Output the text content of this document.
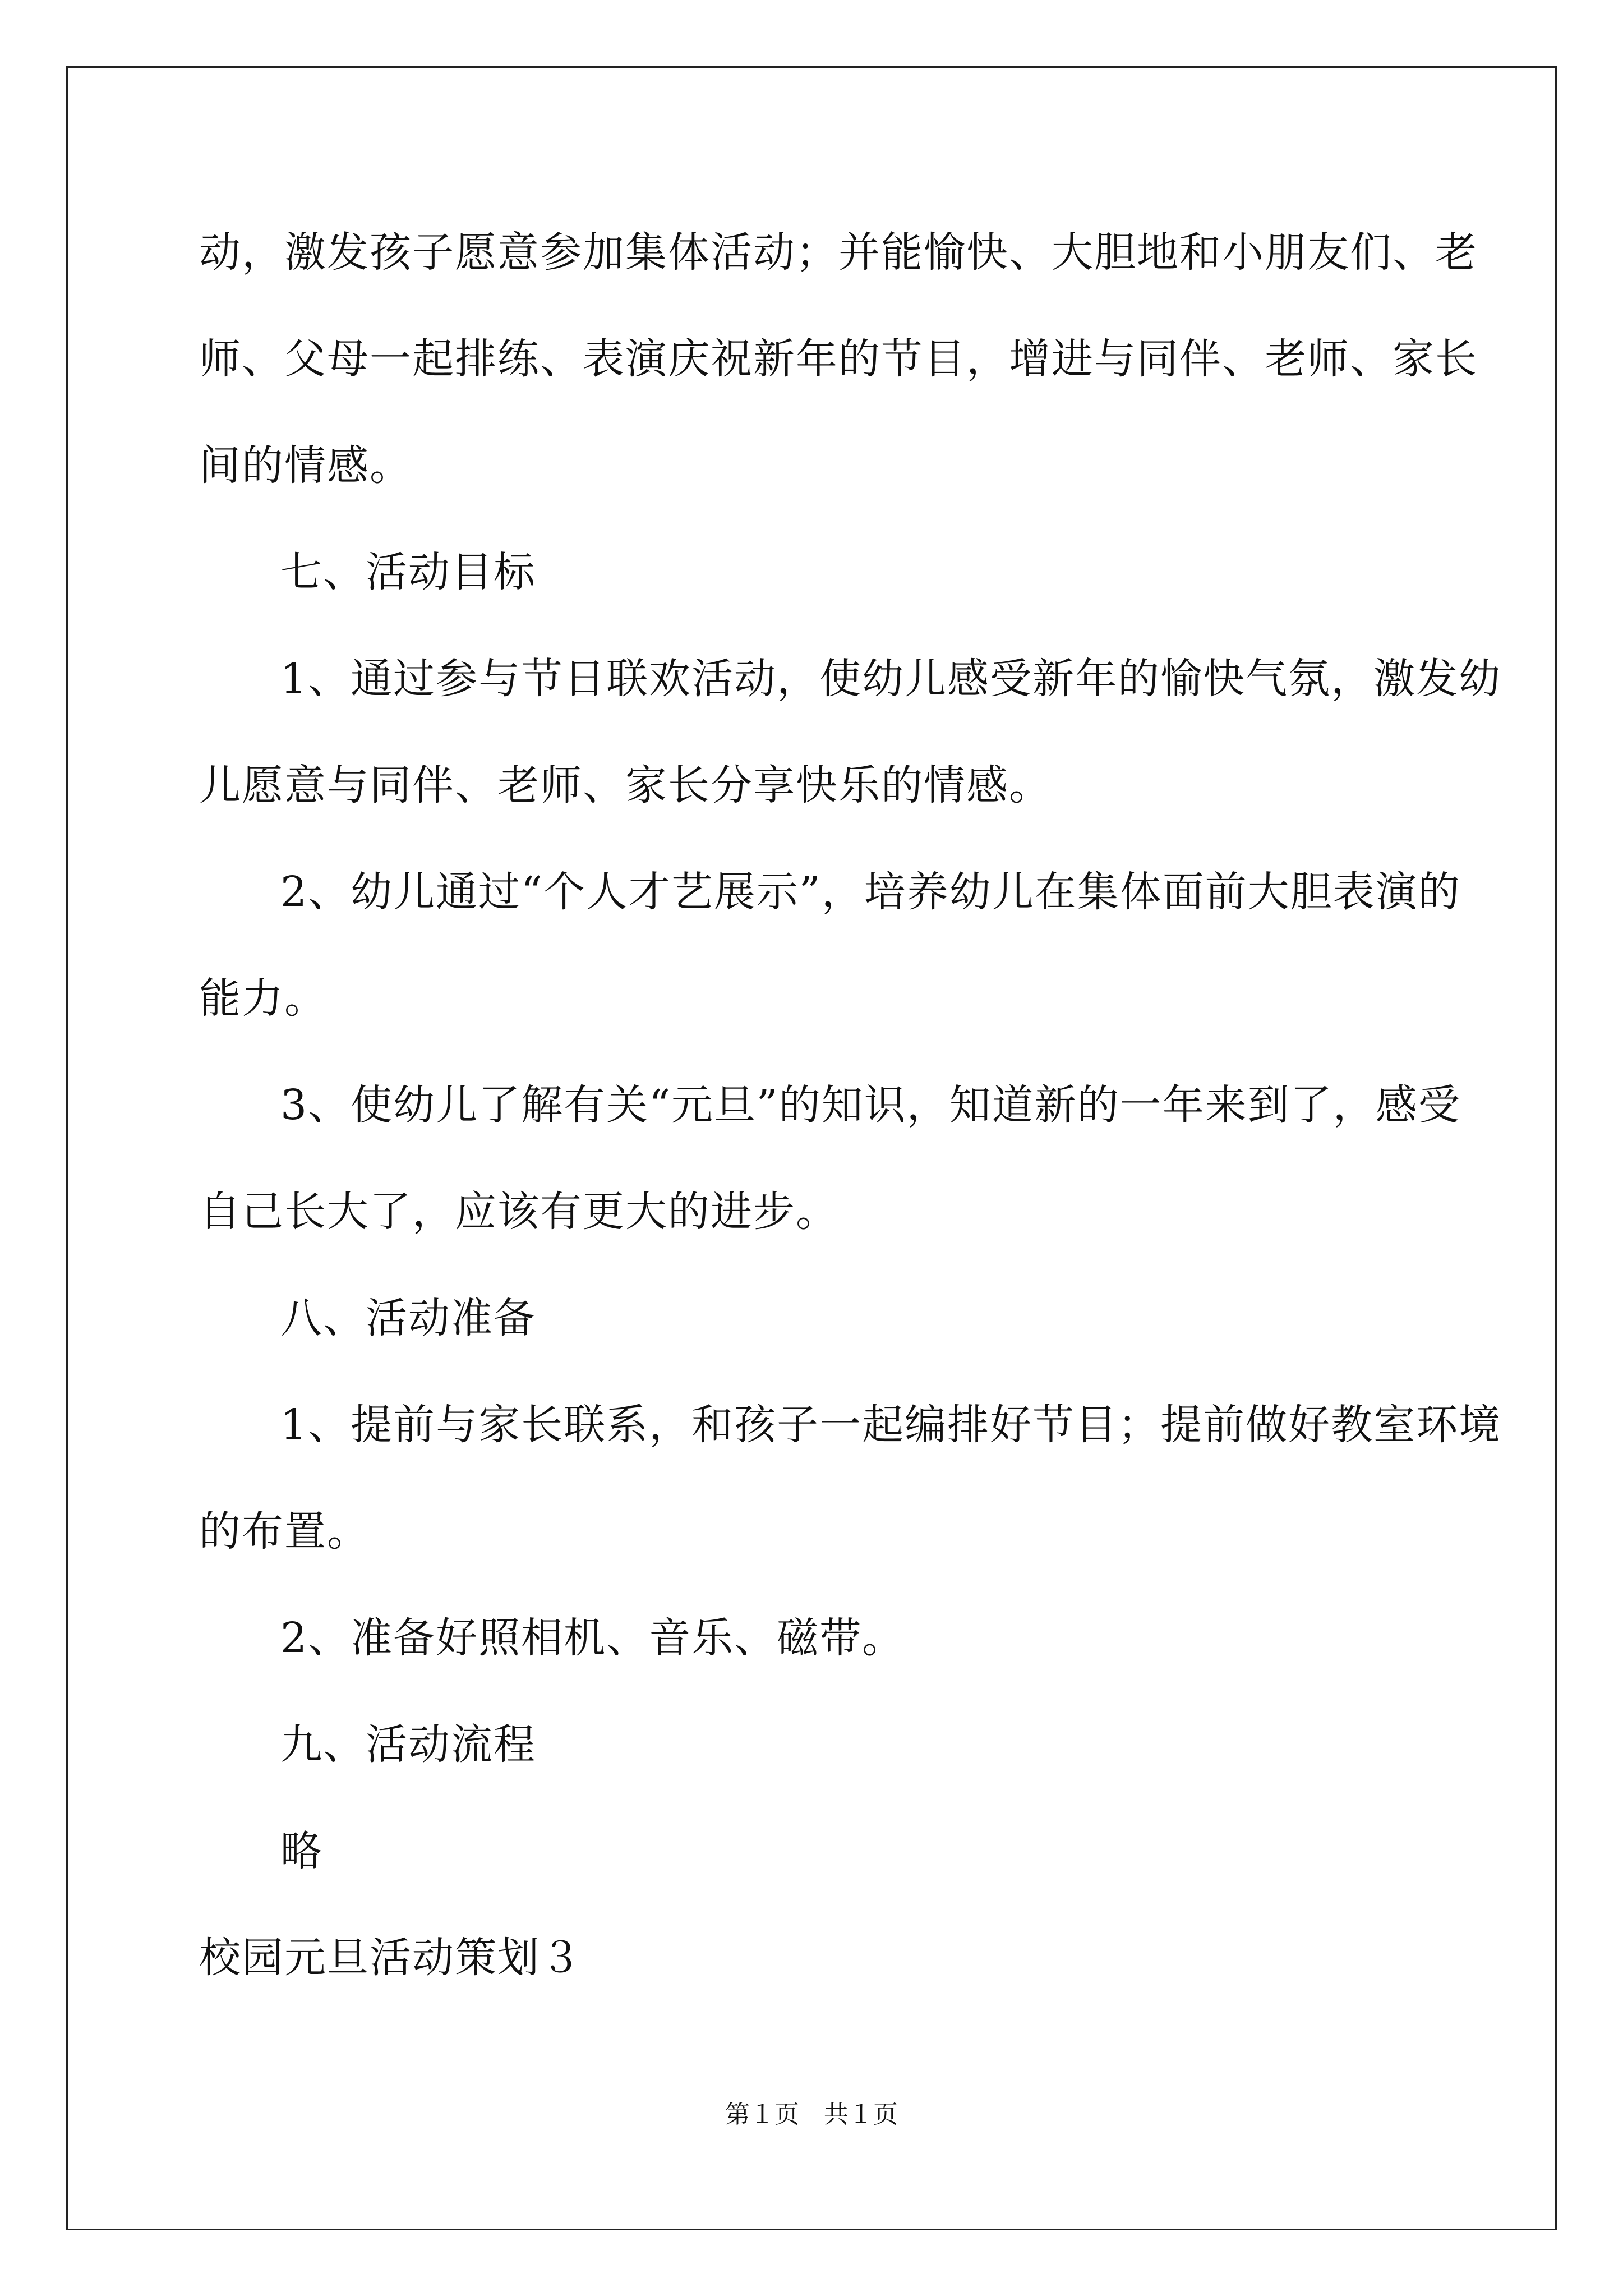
动，激发孩子愿意参加集体活动；并能愉快、大胆地和小朋友们、老
师、父母一起排练、表演庆祝新年的节目，增进与同伴、老师、家长
间的情感。
七、活动目标
1、通过参与节日联欢活动，使幼儿感受新年的愉快气氛，激发幼
儿愿意与同伴、老师、家长分享快乐的情感。
2、幼儿通过“个人才艺展示”，培养幼儿在集体面前大胆表演的
能力。
3、使幼儿了解有关“元旦”的知识，知道新的一年来到了，感受
自己长大了，应该有更大的进步。
八、活动准备
1、提前与家长联系，和孩子一起编排好节目；提前做好教室环境
的布置。
2、准备好照相机、音乐、磁带。
九、活动流程
略
校园元旦活动策划３
第１页　共１页
